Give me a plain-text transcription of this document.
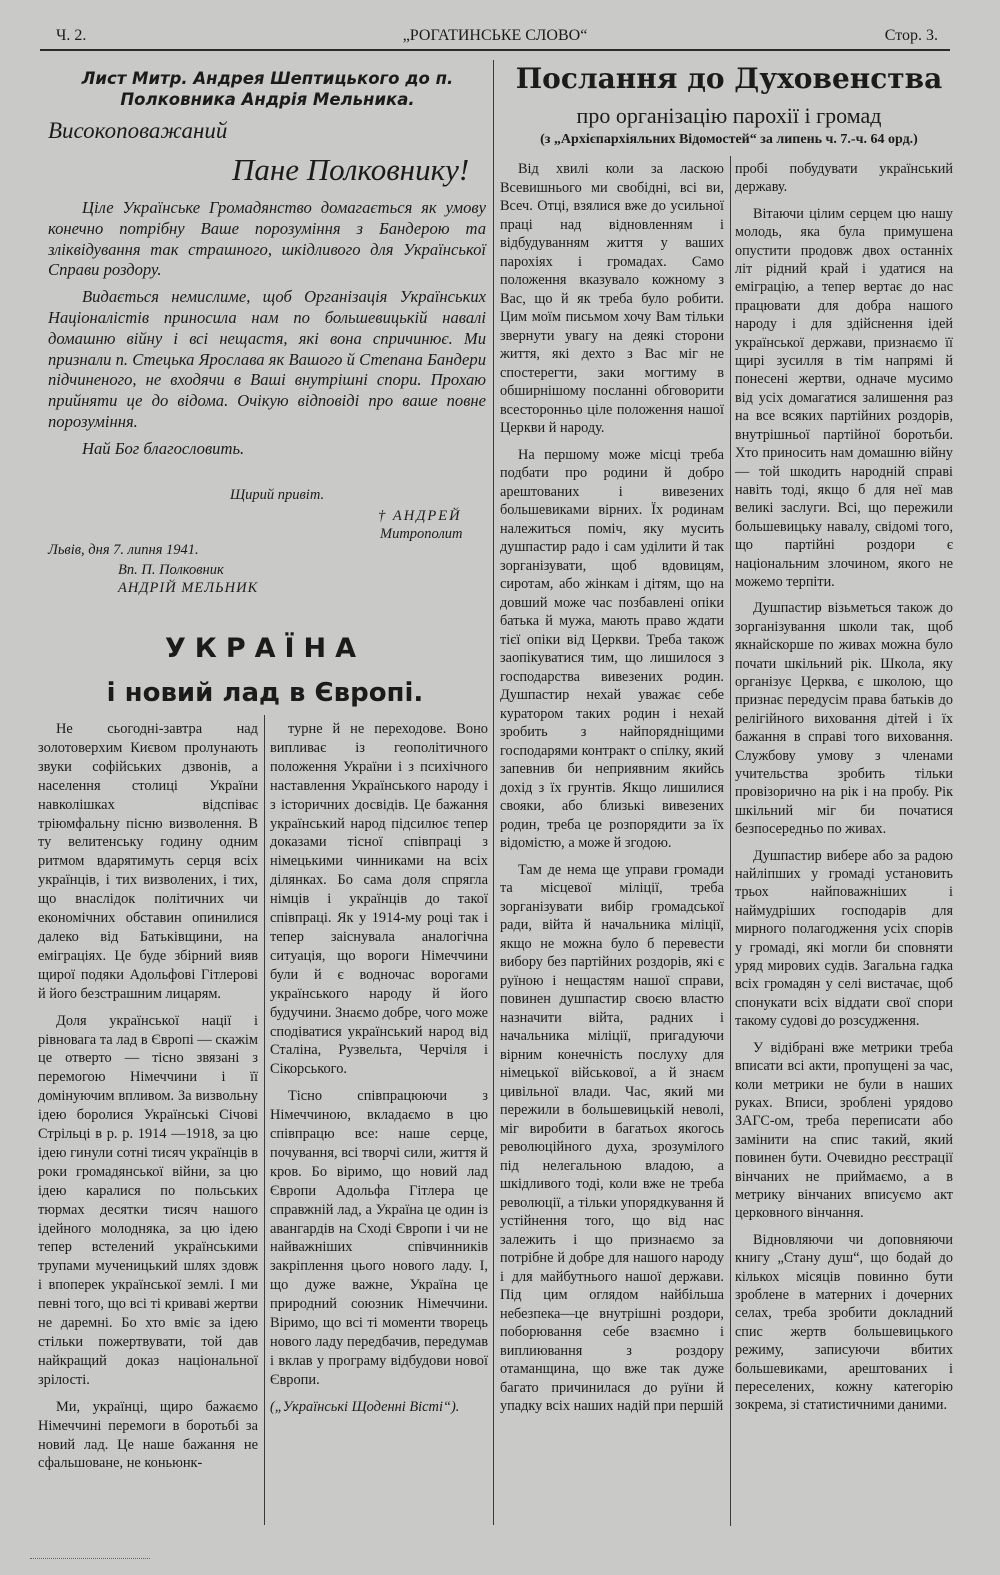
Ч. 2.	„РОГАТИНСЬКЕ СЛОВО“	Стор. 3.
Лист Митр. Андрея Шептицького до п.
Полковника Андрія Мельника.
Високоповажаний
Пане Полковнику!

Ціле Українське Громадянство домагається як умову конечно потрібну Ваше порозуміння з Бандерою та зліквідування так страшного, шкідливого для Української Справи роздору.

Видається немислиме, щоб Організація Українських Націоналістів приносила нам по большевицькій навалі домашню війну і всі нещастя, які вона спричинює. Ми признали п. Стецька Ярослава як Вашого й Степана Бандери підчиненого, не входячи в Ваші внутрішні спори. Прохаю прийняти це до відома. Очікую відповіді про ваше повне порозуміння.

Най Бог благословить.

Щирий привіт.
† АНДРЕЙ
Митрополит
Львів, дня 7. липня 1941.
Вп. П. Полковник
АНДРІЙ МЕЛЬНИК
УКРАЇНА
і новий лад в Європі.

Не сьогодні-завтра над золотоверхим Києвом пролунають звуки софійських дзвонів, а населення столиці України навколішках відспіває тріюмфальну пісню визволення. В ту велитенську годину одним ритмом вдарятимуть серця всіх українців, і тих визволених, і тих, що внаслідок політичних чи економічних обставин опинилися далеко від Батьківщини, на еміграціях. Це буде збірний вияв щирої подяки Адольфові Гітлерові й його безстрашним лицарям.

Доля української нації і рівновага та лад в Європі — скажім це отверто — тісно звязані з перемогою Німеччини і її домінуючим впливом. За визвольну ідею боролися Українські Січові Стрільці в р. р. 1914 —1918, за цю ідею гинули сотні тисяч українців в роки громадянської війни, за цю ідею каралися по польських тюрмах десятки тисяч нашого ідейного молодняка, за цю ідею тепер встелений українськими трупами мученицький шлях здовж і впоперек української землі. І ми певні того, що всі ті криваві жертви не даремні. Бо хто вміє за ідею стільки пожертвувати, той дав найкращий доказ національної зрілості.

Ми, українці, щиро бажаємо Німеччині перемоги в боротьбі за новий лад. Це наше бажання не сфальшоване, не коньюнк-

турне й не переходове. Воно випливає із геополітичного положення України і з психічного наставлення Українського народу і з історичних досвідів. Це бажання український народ підсилює тепер доказами тісної співпраці з німецькими чинниками на всіх ділянках. Бо сама доля спрягла німців і українців до такої співпраці. Як у 1914-му році так і тепер заіснувала аналогічна ситуація, що вороги Німеччини були й є водночас ворогами українського народу й його будучини. Знаємо добре, чого може сподіватися український народ від Сталіна, Рузвельта, Черчіля і Сікорського.

Тісно співпрацюючи з Німеччиною, вкладаємо в цю співпрацю все: наше серце, почування, всі творчі сили, життя й кров. Бо віримо, що новий лад Європи Адольфа Гітлера це справжній лад, а Україна це один із авангардів на Сході Європи і чи не найважніших співчинників закріплення цього нового ладу. І, що дуже важне, Україна це природний союзник Німеччини. Віримо, що всі ті моменти творець нового ладу передбачив, передумав і вклав у програму відбудови нової Європи.

(„Українські Щоденні Вісті“).

Послання до Духовенства
про організацію парохії і громад
(з „Архієпархіяльних Відомостей“ за липень ч. 7.-ч. 64 орд.)

Від хвилі коли за ласкою Всевишнього ми свобідні, всі ви, Всеч. Отці, взялися вже до усильної праці над відновленням і відбудуванням життя у ваших парохіях і громадах. Само положення вказувало кожному з Вас, що й як треба було робити. Цим моїм письмом хочу Вам тільки звернути увагу на деякі сторони життя, які дехто з Вас міг не спостерегти, заки могтиму в обширнішому посланні обговорити всесторонньо ціле положення нашої Церкви й народу.

На першому може місці треба подбати про родини й добро арештованих і вивезених большевиками вірних. Їх родинам належиться поміч, яку мусить душпастир радо і сам уділити й так зорганізувати, щоб вдовицям, сиротам, або жінкам і дітям, що на довший може час позбавлені опіки батька й мужа, мають право ждати тієї опіки від Церкви. Треба також заопікуватися тим, що лишилося з господарства вивезених родин. Душпастир нехай уважає себе куратором таких родин і нехай зробить з найпорядніщими господарями контракт о спілку, який запевнив би неприявним якийсь дохід з їх грунтів. Якщо лишилися свояки, або близькі вивезених родин, треба це розпорядити за їх відомістю, а може й згодою.

Там де нема ще управи громади та місцевої міліції, треба зорганізувати вибір громадської ради, війта й начальника міліції, якщо не можна було б перевести вибору без партійних роздорів, які є руїною і нещастям нашої справи, повинен душпастир своєю властю назначити війта, радних і начальника міліції, пригадуючи вірним конечність послуху для німецької військової, а й знаєм цивільної влади. Час, який ми пережили в большевицькій неволі, міг виробити в багатьох якогось революційного духа, зрозумілого під нелегальною владою, а шкідливого тоді, коли вже не треба революції, а тільки упорядкування й устійнення того, що від нас залежить і що признаємо за потрібне й добре для нашого народу і для майбутнього нашої держави. Під цим оглядом найбільша небезпека—це внутрішні роздори, поборювання себе взаємно і виплиювання з роздору отаманщина, що вже так дуже багато причинилася до руїни й упадку всіх наших надій при першій

пробі побудувати український державу.

Вітаючи цілим серцем цю нашу молодь, яка була примушена опустити продовж двох останніх літ рідний край і удатися на еміграцію, а тепер вертає до нас працювати для добра нашого народу і для здійснення ідей української держави, признаємо її щирі зусилля в тім напрямі й понесені жертви, одначе мусимо від усіх домагатися залишення раз на все всяких партійних роздорів, внутрішньої партійної боротьби. Хто приносить нам домашню війну — той шкодить народній справі навіть тоді, якщо б для неї мав великі заслуги. Всі, що пережили большевицьку навалу, свідомі того, що партійні роздори є національним злочином, якого не можемо терпіти.

Душпастир візьметься також до зорганізування школи так, щоб якнайскорше по живах можна було почати шкільний рік. Школа, яку організує Церква, є школою, що признає передусім права батьків до релігійного виховання дітей і їх бажання в справі того виховання. Службову умову з членами учительства зробить тільки провізорично на рік і на пробу. Рік шкільний міг би початися безпосередньо по живах.

Душпастир вибере або за радою найліпших у громаді установить трьох найповажніших і наймудріших господарів для мирного полагодження усіх спорів у громаді, які могли би сповняти уряд мирових судів. Загальна гадка всіх громадян у селі вистачає, щоб спонукати всіх віддати свої спори такому судові до розсудження.

У відібрані вже метрики треба вписати всі акти, пропущені за час, коли метрики не були в наших руках. Вписи, зроблені урядово ЗАГС-ом, треба переписати або замінити на спис такий, який повинен бути. Очевидно реєстрації вінчаних не приймаємо, а в метрику вінчаних вписуємо акт церковного вінчання.

Відновляючи чи доповняючи книгу „Стану душ“, що бодай до кількох місяців повинно бути зроблене в матерних і дочерних селах, треба зробити докладний спис жертв большевицького режиму, записуючи вбитих большевиками, арештованих і переселених, кожну категорію зокрема, зі статистичними даними.
